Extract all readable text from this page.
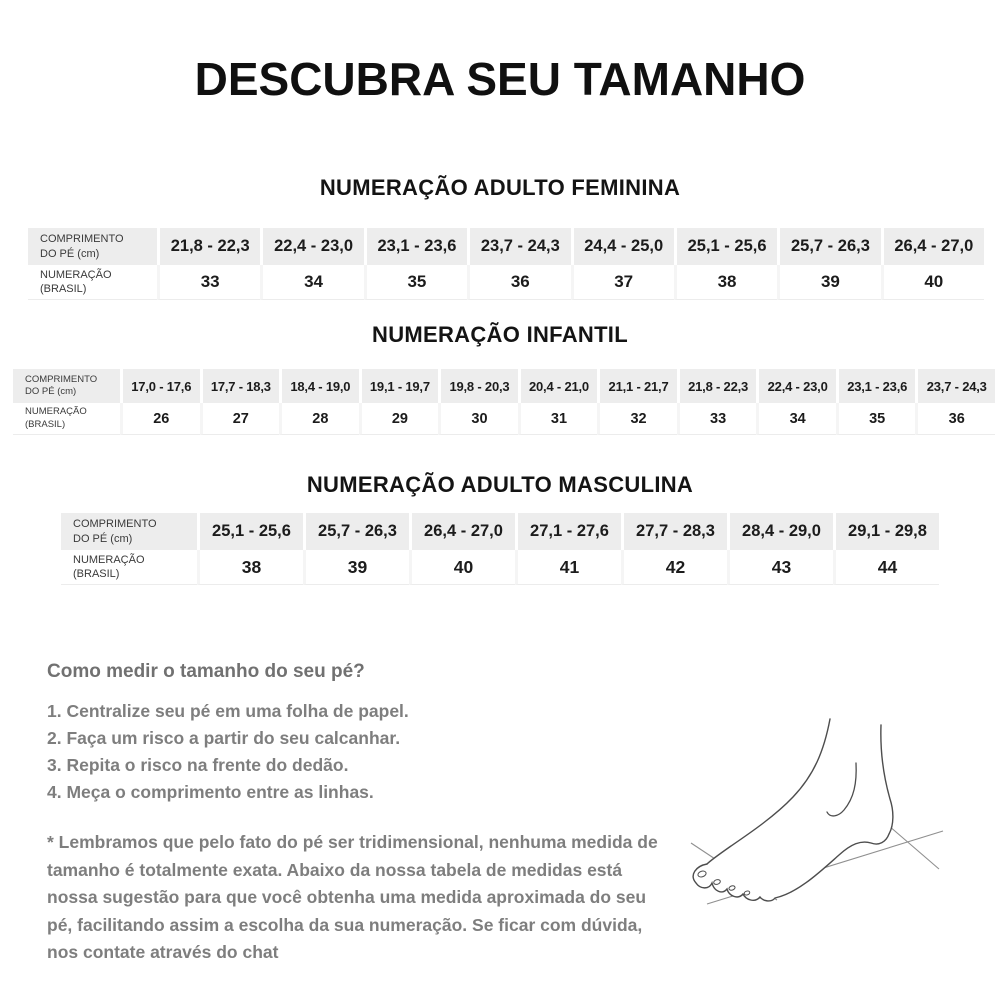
DESCUBRA SEU TAMANHO
NUMERAÇÃO ADULTO FEMININA
COMPRIMENTO DO PÉ (cm)	21,8 - 22,3	22,4 - 23,0	23,1 - 23,6	23,7 - 24,3	24,4 - 25,0	25,1 - 25,6	25,7 - 26,3	26,4 - 27,0
NUMERAÇÃO (BRASIL)	33	34	35	36	37	38	39	40
NUMERAÇÃO INFANTIL
COMPRIMENTO DO PÉ (cm)	17,0 - 17,6	17,7 - 18,3	18,4 - 19,0	19,1 - 19,7	19,8 - 20,3	20,4 - 21,0	21,1 - 21,7	21,8 - 22,3	22,4 - 23,0	23,1 - 23,6	23,7 - 24,3
NUMERAÇÃO (BRASIL)	26	27	28	29	30	31	32	33	34	35	36
NUMERAÇÃO ADULTO MASCULINA
COMPRIMENTO DO PÉ (cm)	25,1 - 25,6	25,7 - 26,3	26,4 - 27,0	27,1 - 27,6	27,7 - 28,3	28,4 - 29,0	29,1 - 29,8
NUMERAÇÃO (BRASIL)	38	39	40	41	42	43	44
Como medir o tamanho do seu pé?
1. Centralize seu pé em uma folha de papel.
2. Faça um risco a partir do seu calcanhar.
3. Repita o risco na frente do dedão.
4. Meça o comprimento entre as linhas.
* Lembramos que pelo fato do pé ser tridimensional, nenhuma medida de tamanho é totalmente exata. Abaixo da nossa tabela de medidas está nossa sugestão para que você obtenha uma medida aproximada do seu pé, facilitando assim a escolha da sua numeração. Se ficar com dúvida, nos contate através do chat
